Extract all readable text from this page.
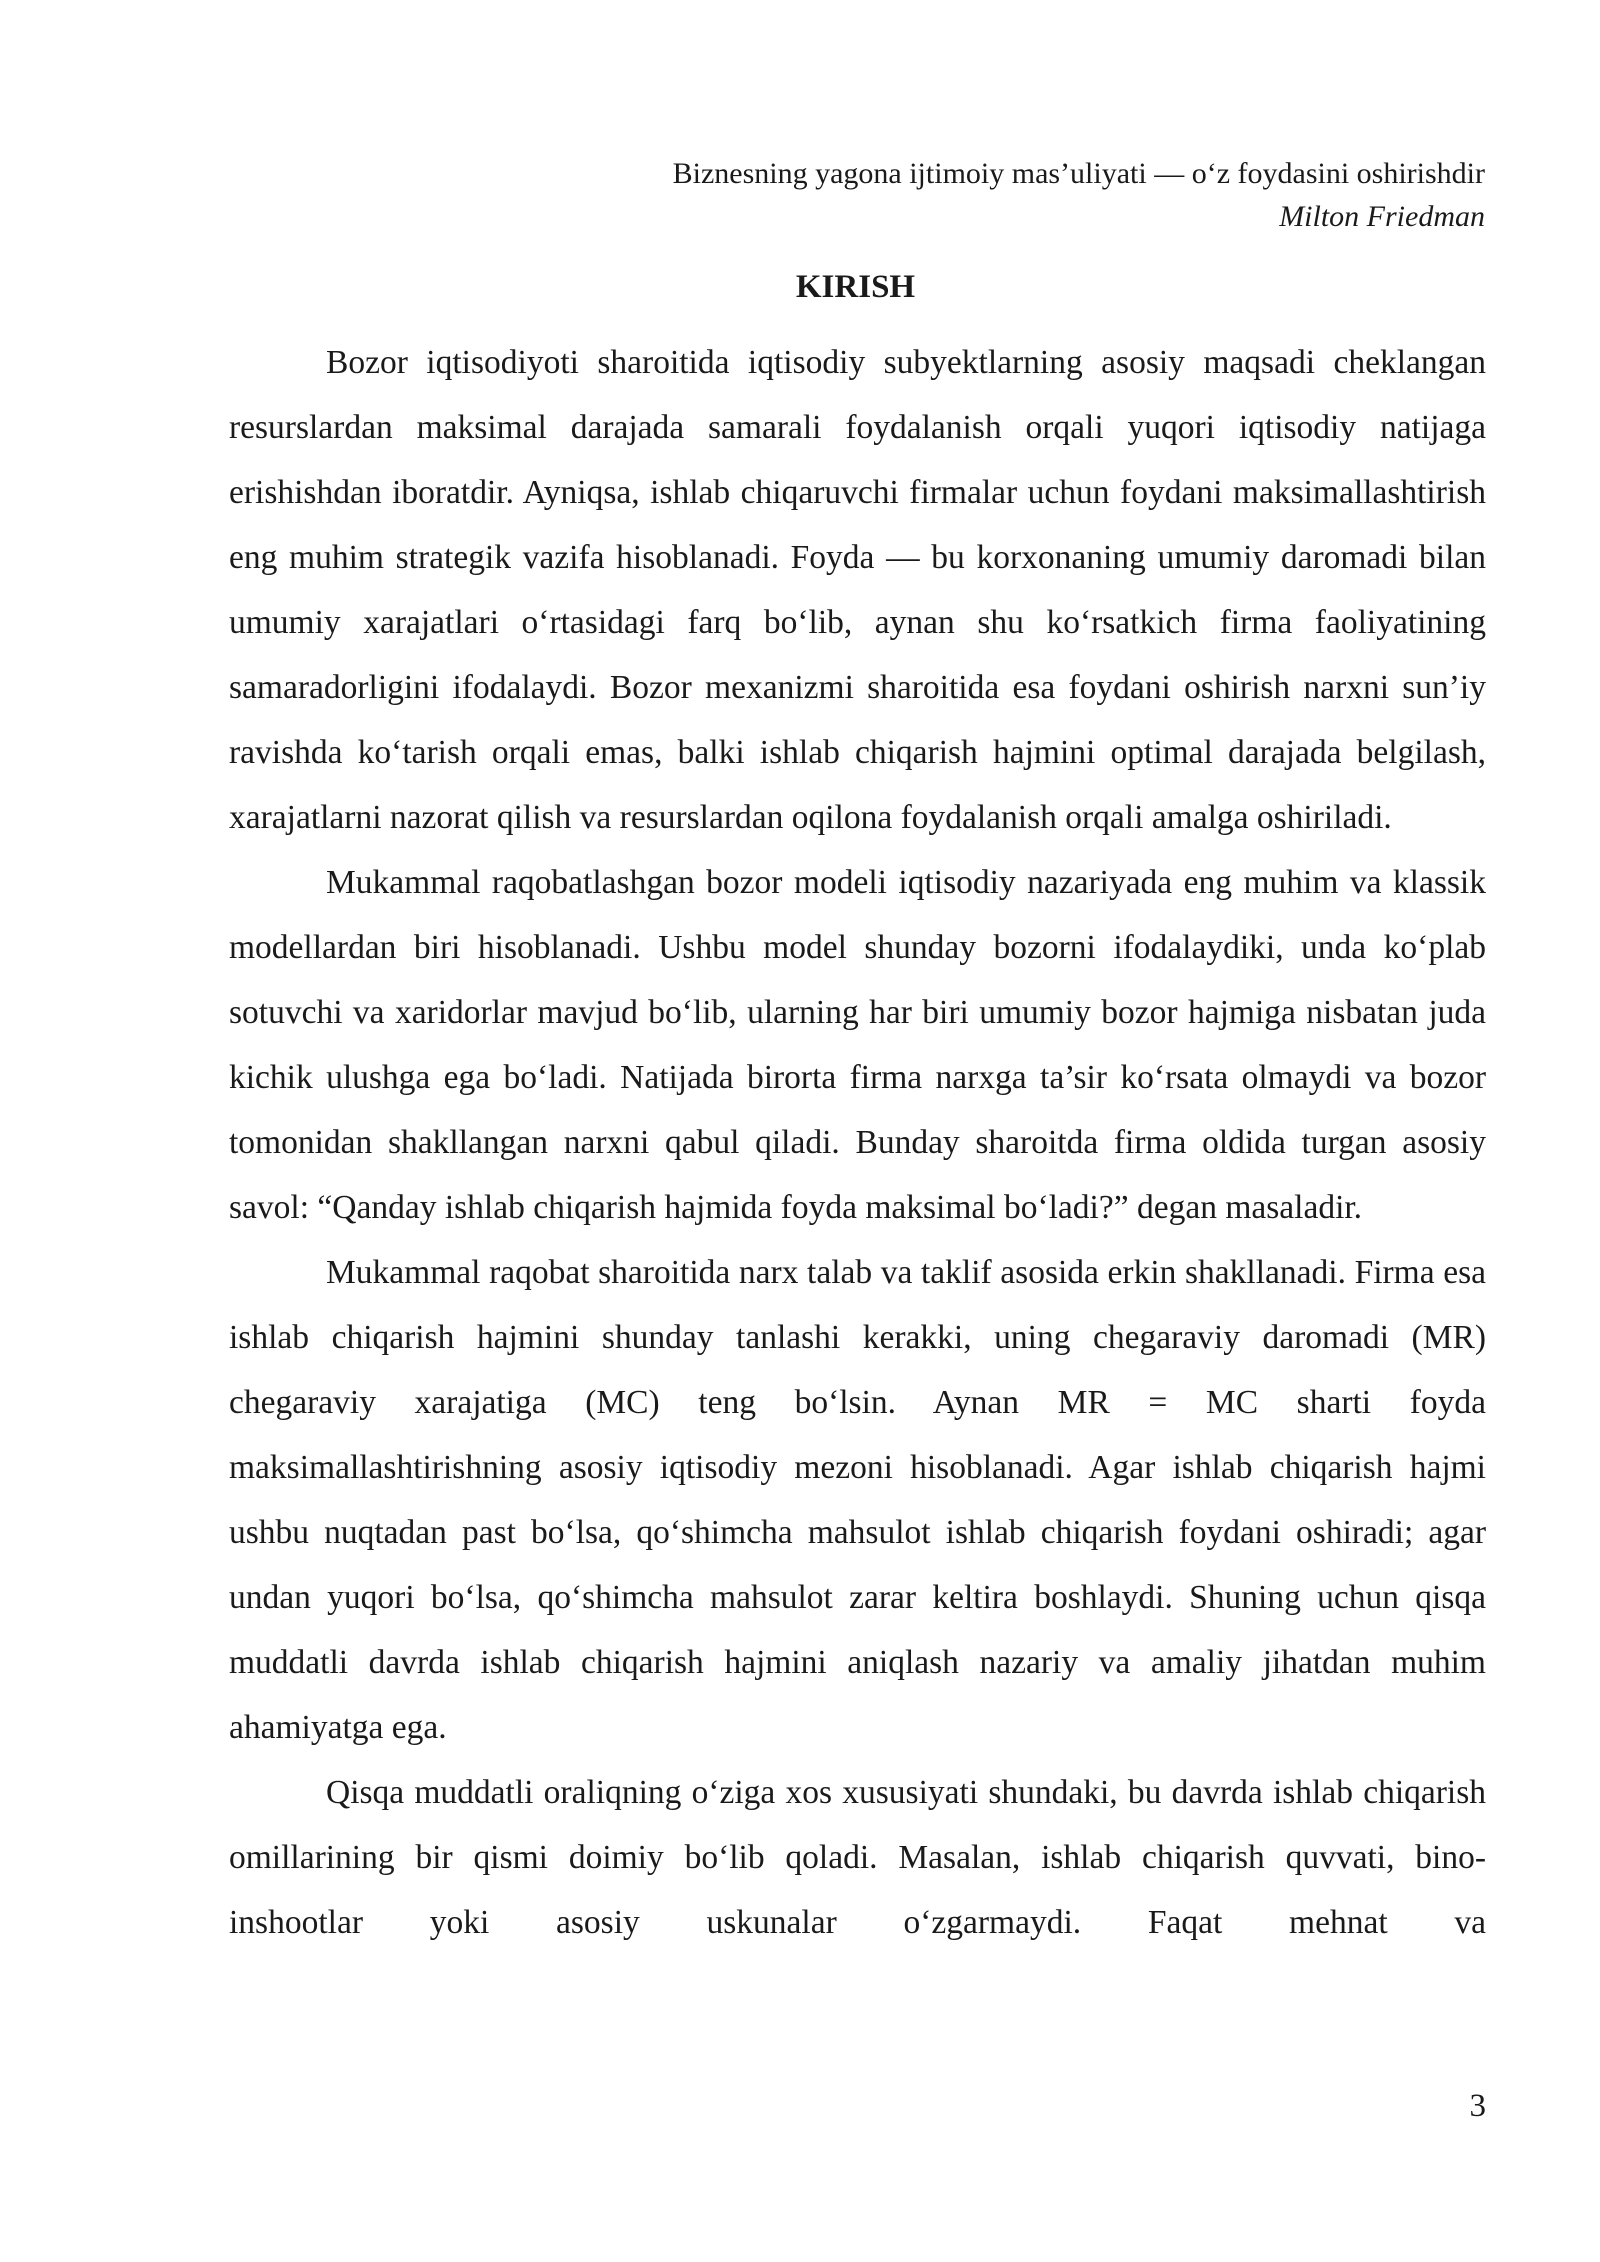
Biznesning yagona ijtimoiy mas’uliyati — o‘z foydasini oshirishdir
Milton Friedman
KIRISH

Bozor iqtisodiyoti sharoitida iqtisodiy subyektlarning asosiy maqsadi cheklangan resurslardan maksimal darajada samarali foydalanish orqali yuqori iqtisodiy natijaga erishishdan iboratdir. Ayniqsa, ishlab chiqaruvchi firmalar uchun foydani maksimallashtirish eng muhim strategik vazifa hisoblanadi. Foyda — bu korxonaning umumiy daromadi bilan umumiy xarajatlari o‘rtasidagi farq bo‘lib, aynan shu ko‘rsatkich firma faoliyatining samaradorligini ifodalaydi. Bozor mexanizmi sharoitida esa foydani oshirish narxni sun’iy ravishda ko‘tarish orqali emas, balki ishlab chiqarish hajmini optimal darajada belgilash, xarajatlarni nazorat qilish va resurslardan oqilona foydalanish orqali amalga oshiriladi.

Mukammal raqobatlashgan bozor modeli iqtisodiy nazariyada eng muhim va klassik modellardan biri hisoblanadi. Ushbu model shunday bozorni ifodalaydiki, unda ko‘plab sotuvchi va xaridorlar mavjud bo‘lib, ularning har biri umumiy bozor hajmiga nisbatan juda kichik ulushga ega bo‘ladi. Natijada birorta firma narxga ta’sir ko‘rsata olmaydi va bozor tomonidan shakllangan narxni qabul qiladi. Bunday sharoitda firma oldida turgan asosiy savol: “Qanday ishlab chiqarish hajmida foyda maksimal bo‘ladi?” degan masaladir.

Mukammal raqobat sharoitida narx talab va taklif asosida erkin shakllanadi. Firma esa ishlab chiqarish hajmini shunday tanlashi kerakki, uning chegaraviy daromadi (MR) chegaraviy xarajatiga (MC) teng bo‘lsin. Aynan MR = MC sharti foyda maksimallashtirishning asosiy iqtisodiy mezoni hisoblanadi. Agar ishlab chiqarish hajmi ushbu nuqtadan past bo‘lsa, qo‘shimcha mahsulot ishlab chiqarish foydani oshiradi; agar undan yuqori bo‘lsa, qo‘shimcha mahsulot zarar keltira boshlaydi. Shuning uchun qisqa muddatli davrda ishlab chiqarish hajmini aniqlash nazariy va amaliy jihatdan muhim ahamiyatga ega.

Qisqa muddatli oraliqning o‘ziga xos xususiyati shundaki, bu davrda ishlab chiqarish omillarining bir qismi doimiy bo‘lib qoladi. Masalan, ishlab chiqarish quvvati, bino-inshootlar yoki asosiy uskunalar o‘zgarmaydi. Faqat mehnat va

3
